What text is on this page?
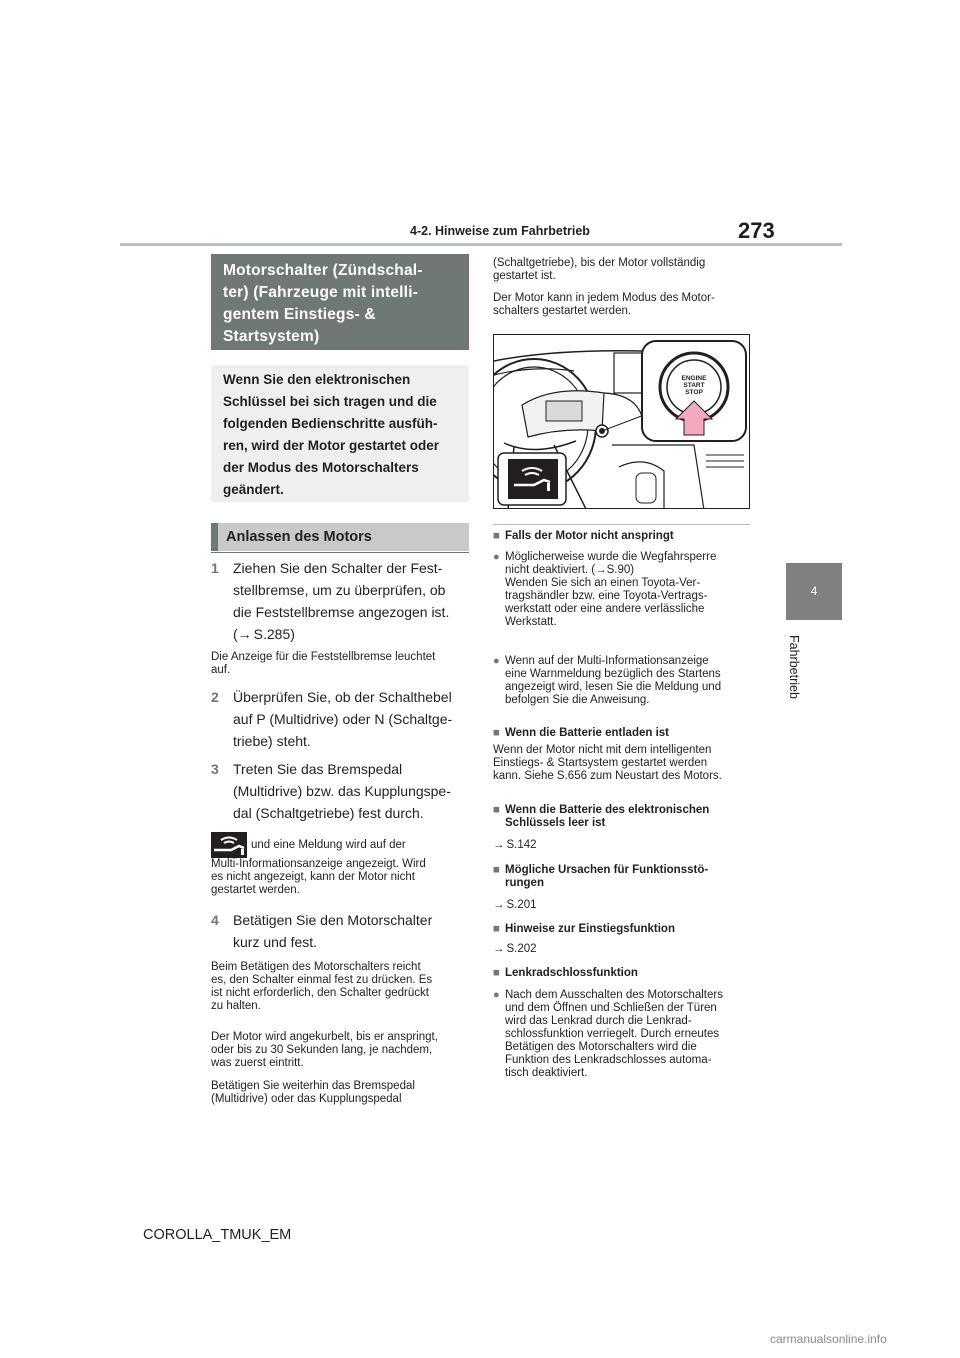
4-2. Hinweise zum Fahrbetrieb	273
4
Fahrbetrieb
Motorschalter (Zündschal-
ter) (Fahrzeuge mit intelli-
gentem Einstiegs- &
Startsystem)
Wenn Sie den elektronischen
Schlüssel bei sich tragen und die
folgenden Bedienschritte ausfüh-
ren, wird der Motor gestartet oder
der Modus des Motorschalters
geändert.
Anlassen des Motors
1 Ziehen Sie den Schalter der Fest-
stellbremse, um zu überprüfen, ob
die Feststellbremse angezogen ist.
(→ S.285)
Die Anzeige für die Feststellbremse leuchtet
auf.
2 Überprüfen Sie, ob der Schalthebel
auf P (Multidrive) oder N (Schaltge-
triebe) steht.
3 Treten Sie das Bremspedal
(Multidrive) bzw. das Kupplungspe-
dal (Schaltgetriebe) fest durch.
und eine Meldung wird auf der
Multi-Informationsanzeige angezeigt. Wird
es nicht angezeigt, kann der Motor nicht
gestartet werden.
4 Betätigen Sie den Motorschalter
kurz und fest.
Beim Betätigen des Motorschalters reicht
es, den Schalter einmal fest zu drücken. Es
ist nicht erforderlich, den Schalter gedrückt
zu halten.
Der Motor wird angekurbelt, bis er anspringt,
oder bis zu 30 Sekunden lang, je nachdem,
was zuerst eintritt.
Betätigen Sie weiterhin das Bremspedal
(Multidrive) oder das Kupplungspedal
(Schaltgetriebe), bis der Motor vollständig
gestartet ist.
Der Motor kann in jedem Modus des Motor-
schalters gestartet werden.
ENGINE
START
STOP
■ Falls der Motor nicht anspringt
● Möglicherweise wurde die Wegfahrsperre
nicht deaktiviert. (→S.90)
Wenden Sie sich an einen Toyota-Ver-
tragshändler bzw. eine Toyota-Vertrags-
werkstatt oder eine andere verlässliche
Werkstatt.
● Wenn auf der Multi-Informationsanzeige
eine Warnmeldung bezüglich des Startens
angezeigt wird, lesen Sie die Meldung und
befolgen Sie die Anweisung.
■ Wenn die Batterie entladen ist
Wenn der Motor nicht mit dem intelligenten
Einstiegs- & Startsystem gestartet werden
kann. Siehe S.656 zum Neustart des Motors.
■ Wenn die Batterie des elektronischen
Schlüssels leer ist
→ S.142
■ Mögliche Ursachen für Funktionsstö-
rungen
→ S.201
■ Hinweise zur Einstiegsfunktion
→ S.202
■ Lenkradschlossfunktion
● Nach dem Ausschalten des Motorschalters
und dem Öffnen und Schließen der Türen
wird das Lenkrad durch die Lenkrad-
schlossfunktion verriegelt. Durch erneutes
Betätigen des Motorschalters wird die
Funktion des Lenkradschlosses automa-
tisch deaktiviert.
COROLLA_TMUK_EM
carmanualsonline.info
